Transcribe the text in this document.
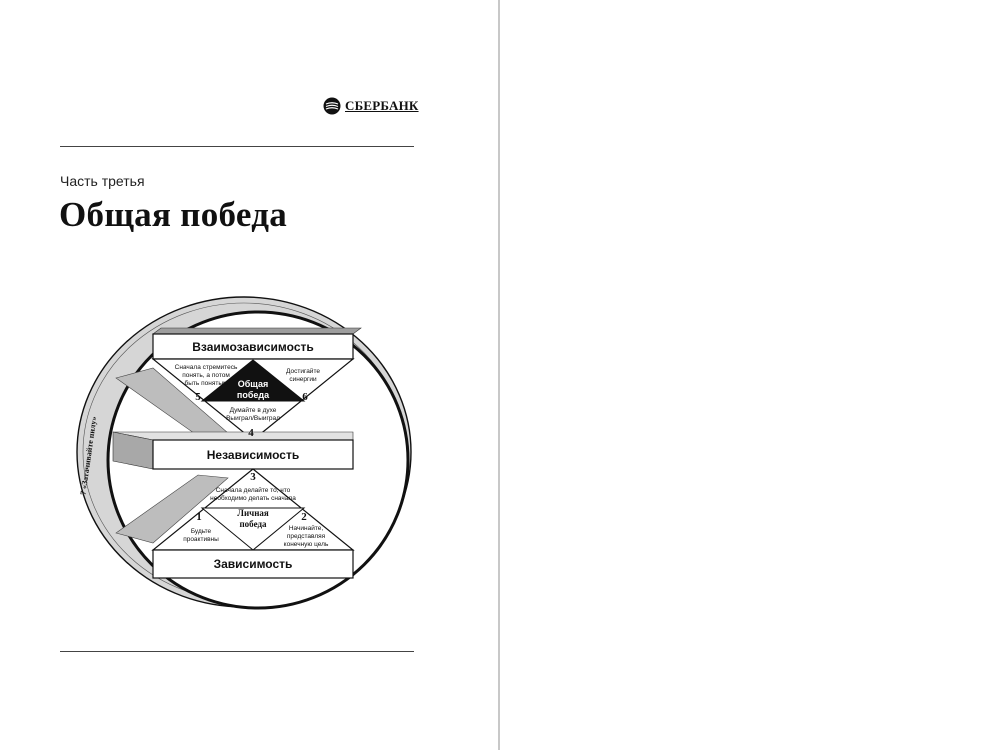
СБЕРБАНК
Часть третья
Общая победа
Взаимозависимость
Независимость
Зависимость
Общая
победа
Личная
победа
Сначала стремитесь
понять, а потом
быть понятым
5
Достигайте
синергии
6
Думайте в духе
Выиграл/Выиграл
4
3
Сначала делайте то, что
необходимо делать сначала
1
Будьте
проактивны
2
Начинайте,
представляя
конечную цель
7 «Затачивайте пилу»
